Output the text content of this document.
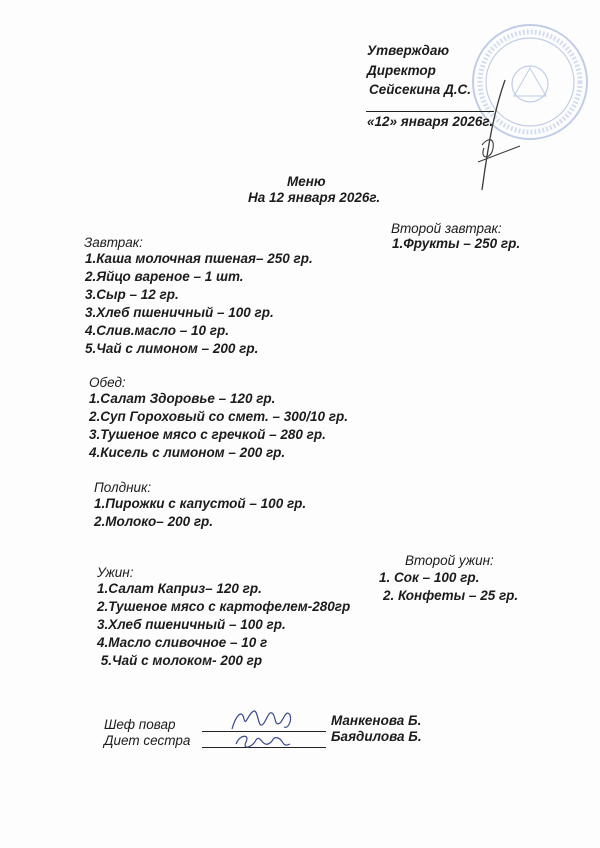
Утверждаю
Директор
Сейсекина Д.С.
«12» января 2026г.
Меню
На 12 января 2026г.
Завтрак:
1.Каша молочная пшеная– 250 гр.
2.Яйцо вареное – 1 шт.
3.Сыр – 12 гр.
3.Хлеб пшеничный – 100 гр.
4.Слив.масло – 10 гр.
5.Чай с лимоном – 200 гр.
Второй завтрак:
1.Фрукты – 250 гр.
Обед:
1.Салат Здоровье – 120 гр.
2.Суп Гороховый со смет. – 300/10 гр.
3.Тушеное мясо с гречкой – 280 гр.
4.Кисель с лимоном – 200 гр.
Полдник:
1.Пирожки с капустой – 100 гр.
2.Молоко– 200 гр.
Ужин:
1.Салат Каприз– 120 гр.
2.Тушеное мясо с картофелем-280гр
3.Хлеб пшеничный – 100 гр.
4.Масло сливочное – 10 г
5.Чай с молоком- 200 гр
Второй ужин:
1. Сок – 100 гр.
2. Конфеты – 25 гр.
Шеф повар	Манкенова Б.
Диет сестра	Баядилова Б.
